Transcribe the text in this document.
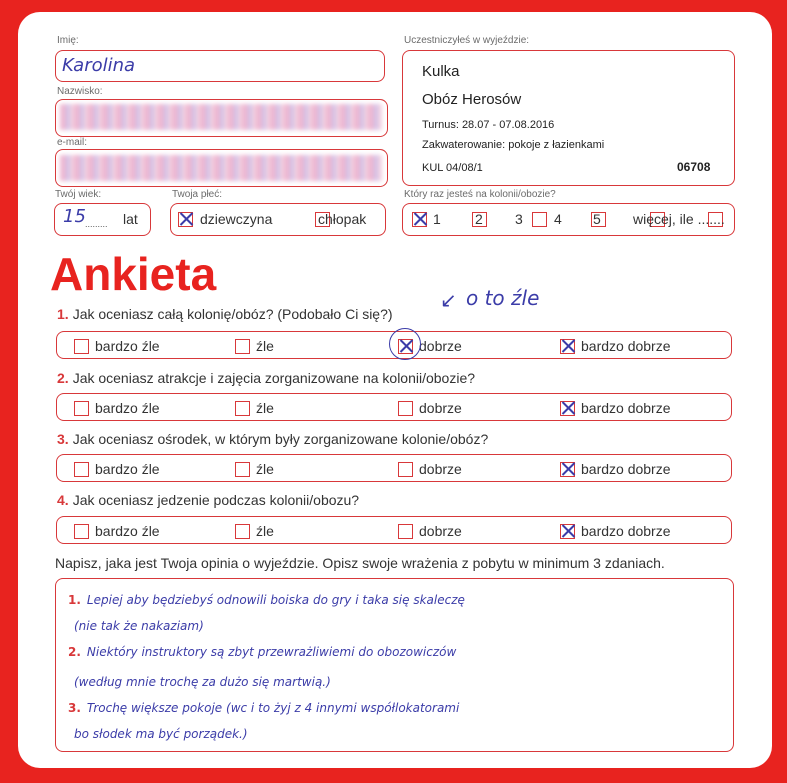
Imię:
Karolina
Nazwisko:
e-mail:
Twój wiek:
15 ......... lat
Twoja płeć:

dziewczyna	chłopak
Uczestniczyłeś w wyjeździe:
Kulka
Obóz Herosów
Turnus: 28.07 - 07.08.2016
Zakwaterowanie: pokoje z łazienkami
KUL 04/08/1	06708
Który raz jesteś na kolonii/obozie?

1
2
3
4
5 więcej, ile .......
Ankieta
1. Jak oceniasz całą kolonię/obóz? (Podobało Ci się?)
↙ o to źle
bardzo źle	źle	dobrze	bardzo dobrze
2. Jak oceniasz atrakcje i zajęcia zorganizowane na kolonii/obozie?
bardzo źle	źle	dobrze	bardzo dobrze
3. Jak oceniasz ośrodek, w którym były zorganizowane kolonie/obóz?
bardzo źle	źle	dobrze	bardzo dobrze
4. Jak oceniasz jedzenie podczas kolonii/obozu?
bardzo źle	źle	dobrze	bardzo dobrze
Napisz, jaka jest Twoja opinia o wyjeździe. Opisz swoje wrażenia z pobytu w minimum 3 zdaniach.
1. Lepiej aby będziebyś odnowili boiska do gry i taka się skaleczę
(nie tak że nakaziam)
2. Niektóry instruktory są zbyt przewrażliwiemi do obozowiczów
(według mnie trochę za dużo się martwią.)
3. Trochę większe pokoje (wc i to żyj z 4 innymi współlokatorami
bo słodek ma być porządek.)
